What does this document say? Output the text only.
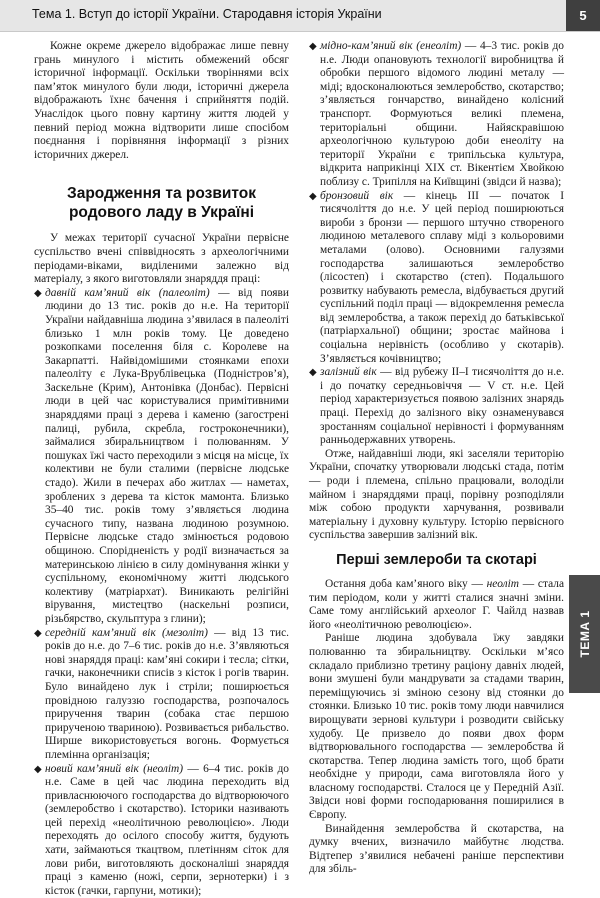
Тема 1. Вступ до історії України. Стародавня історія України	5

Кожне окреме джерело відображає лише певну грань минулого і містить обмежений обсяг історичної інформації. Оскільки творіннями всіх пам’яток минулого були люди, історичні джерела відображають їхнє бачення і сприйняття подій. Унаслідок цього повну картину життя людей у певний період можна відтворити лише спосібом поєднання і порівняння інформації з різних історичних джерел.

Зародження та розвиток родового ладу в Україні

У межах території сучасної України первісне суспільство вчені співвідносять з археологічними періодами-віками, виділеними залежно від матеріалу, з якого виготовляли знаряддя праці:

◆ давній кам’яний вік (палеоліт) — від появи людини до 13 тис. років до н.е. На території України найдавніша людина з’явилася в палеоліті близько 1 млн років тому. Це доведено розкопками поселення біля с. Королеве на Закарпатті. Найвідомішими стоянками епохи палеоліту є Лука-Врублівецька (Подністров’я), Заскельне (Крим), Антонівка (Донбас). Первісні люди в цей час користувалися примітивними знаряддями праці з дерева і каменю (загострені палиці, рубила, скребла, гостроконечники), займалися збиральництвом і полюванням. У пошуках їжі часто переходили з місця на місце, їх колективи не були сталими (первісне людське стадо). Жили в печерах або житлах — наметах, зроблених з дерева та кісток мамонта. Близько 35–40 тис. років тому з’являється людина сучасного типу, названа людиною розумною. Первісне людське стадо змінюється родовою общиною. Спорідненість у родії визначається за материнською лінією в силу домінування жінки у суспільному, економічному житті людського колективу (матріархат). Виникають релігійні вірування, мистецтво (наскельні розписи, різьбярство, скульптура з глини);
◆ середній кам’яний вік (мезоліт) — від 13 тис. років до н.е. до 7–6 тис. років до н.е. З’являються нові знаряддя праці: кам’яні сокири і тесла; сітки, гачки, наконечники списів з кісток і рогів тварин. Було винайдено лук і стріли; поширюється провідною галуззю господарства, розпочалось приручення тварин (собака стає першою прирученою твариною). Розвивається рибальство. Ширше використовується вогонь. Формується племінна організація;
◆ новий кам’яний вік (неоліт) — 6–4 тис. років до н.е. Саме в цей час людина переходить від привласнюючого господарства до відтворюючого (землеробство і скотарство). Історики називають цей перехід «неолітичною революцією». Люди переходять до осілого способу життя, будують хати, займаються ткацтвом, плетінням сіток для лови риби, виготовляють досконаліші знаряддя праці з каменю (ножі, серпи, зернотерки) і з кісток (гачки, гарпуни, мотики);
◆ мідно-кам’яний вік (енеоліт) — 4–3 тис. років до н.е. Люди опановують технології виробництва й обробки першого відомого людині металу — міді; вдосконалюються землеробство, скотарство; з’являється гончарство, винайдено колісний транспорт. Формуються великі племена, територіальні общини. Найяскравішою археологічною культурою доби енеоліту на території України є трипільська культура, відкрита наприкінці XIX ст. Вікентієм Хвойкою поблизу с. Трипілля на Київщині (звідси й назва);
◆ бронзовий вік — кінець III — початок I тисячоліття до н.е. У цей період поширюються вироби з бронзи — першого штучно створеного людиною металевого сплаву міді з кольоровими металами (олово). Основними галузями господарства залишаються землеробство (лісостеп) і скотарство (степ). Подальшого розвитку набувають ремесла, відбувається другий суспільний поділ праці — відокремлення ремесла від землеробства, а також перехід до батьківської (патріархальної) общини; зростає майнова і соціальна нерівність (особливо у скотарів). З’являється кочівництво;
◆ залізний вік — від рубежу II–I тисячоліття до н.е. і до початку середньовіччя — V ст. н.е. Цей період характеризується появою залізних знарядь праці. Перехід до залізного віку ознаменувався зростанням соціальної нерівності і формуванням ранньодержавних утворень.

Отже, найдавніші люди, які заселяли територію України, спочатку утворювали людські стада, потім — роди і племена, спільно працювали, володіли майном і знаряддями праці, порівну розподіляли між собою продукти харчування, розвивали матеріальну і духовну культуру. Історію первісного суспільства завершив залізний вік.

Перші землероби та скотарі

Остання доба кам’яного віку — неоліт — стала тим періодом, коли у житті сталися значні зміни. Саме тому англійський археолог Г. Чайлд назвав його «неолітичною революцією».

Раніше людина здобувала їжу завдяки полюванню та збиральництву. Оскільки м’ясо складало приблизно третину раціону давніх людей, вони змушені були мандрувати за стадами тварин, переміщуючись зі зміною сезону від стоянки до стоянки. Близько 10 тис. років тому люди навчилися вирощувати зернові культури і розводити свійську худобу. Це призвело до появи двох форм відтворювального господарства — землеробства й скотарства. Тепер людина замість того, щоб брати необхідне у природи, сама виготовляла його у власному господарстві. Сталося це у Передній Азії. Звідси нові форми господарювання поширилися в Європу.

Винайдення землеробства й скотарства, на думку вчених, визначило майбутнє людства. Відтепер з’явилися небачені раніше перспективи для збіль-

ТЕМА 1
